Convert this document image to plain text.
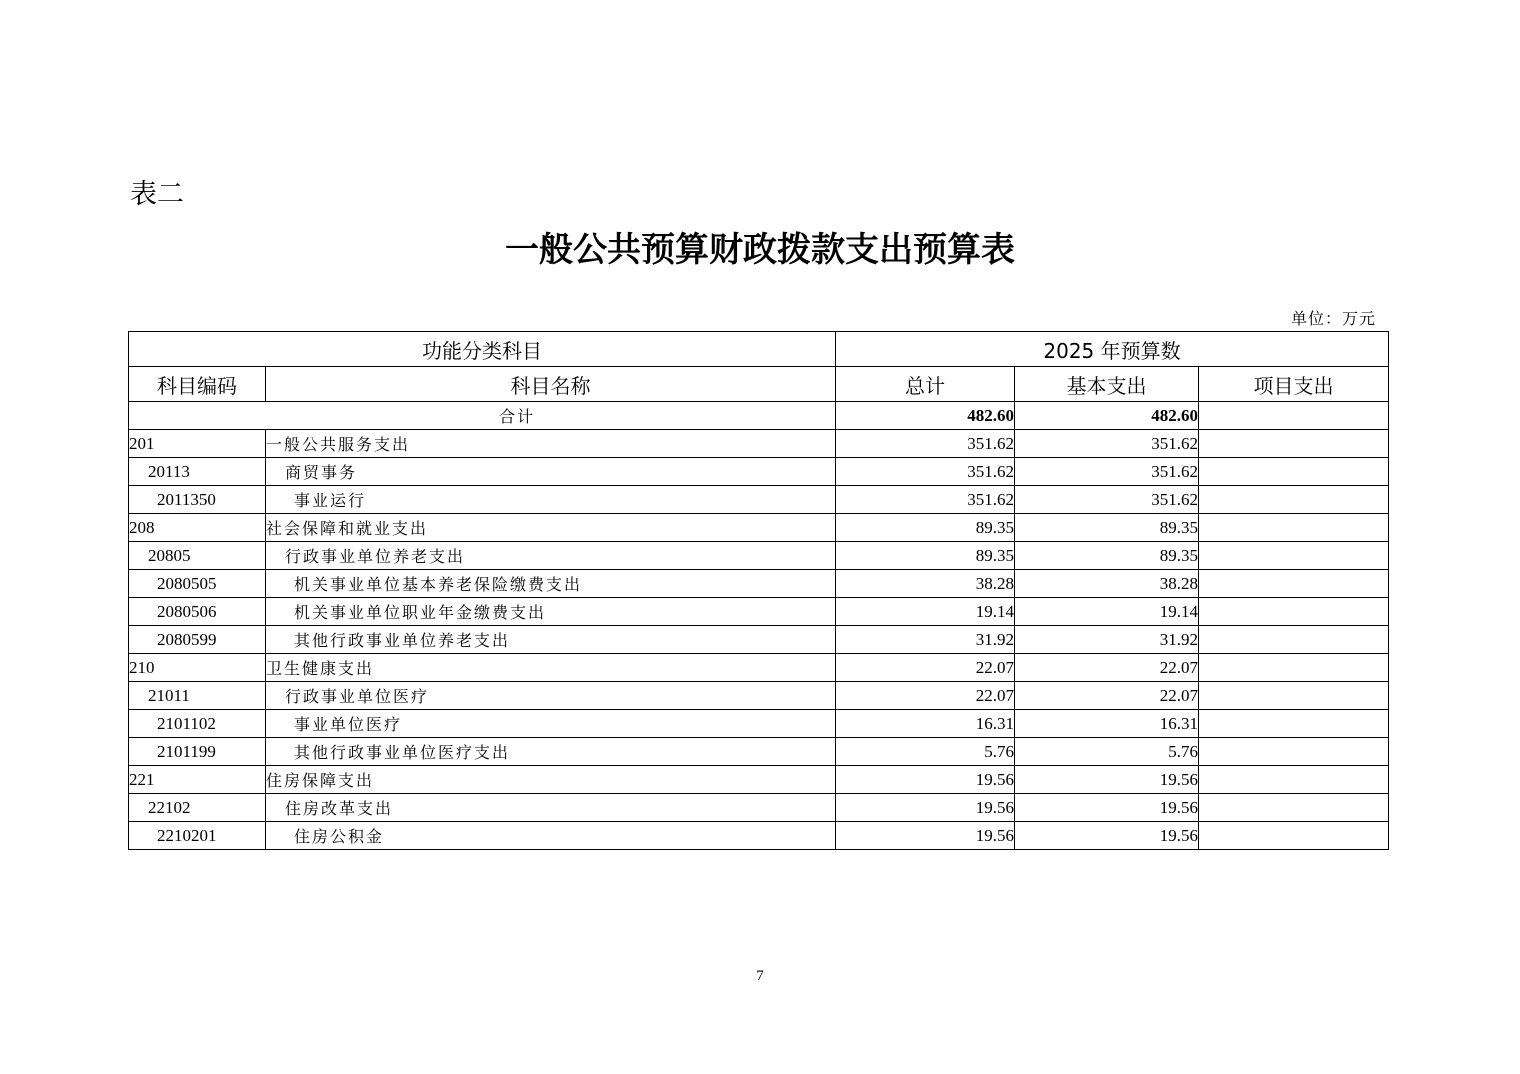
表二
一般公共预算财政拨款支出预算表
单位：万元
功能分类科目		2025 年预算数		
科目编码	科目名称	总计	基本支出	项目支出
合计		482.60	482.60	
201	一般公共服务支出	351.62	351.62	
20113	商贸事务	351.62	351.62	
2011350	事业运行	351.62	351.62	
208	社会保障和就业支出	89.35	89.35	
20805	行政事业单位养老支出	89.35	89.35	
2080505	机关事业单位基本养老保险缴费支出	38.28	38.28	
2080506	机关事业单位职业年金缴费支出	19.14	19.14	
2080599	其他行政事业单位养老支出	31.92	31.92	
210	卫生健康支出	22.07	22.07	
21011	行政事业单位医疗	22.07	22.07	
2101102	事业单位医疗	16.31	16.31	
2101199	其他行政事业单位医疗支出	5.76	5.76	
221	住房保障支出	19.56	19.56	
22102	住房改革支出	19.56	19.56	
2210201	住房公积金	19.56	19.56	
7
